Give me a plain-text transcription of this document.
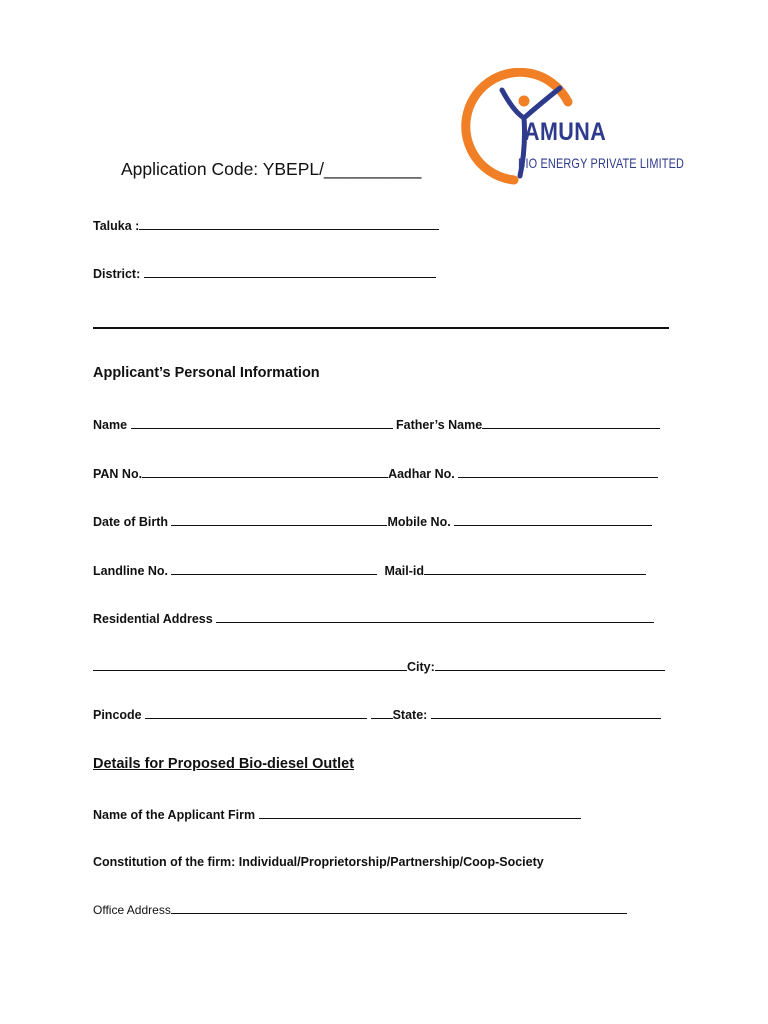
AMUNA
BIO ENERGY PRIVATE LIMITED
Application Code: YBEPL/__________
Taluka :
District:
Applicant’s Personal Information
Name	Father’s Name
PAN No.	Aadhar No.
Date of Birth	Mobile No.
Landline No.	Mail-id
Residential Address
City:
Pincode	State:
Details for Proposed Bio-diesel Outlet
Name of the Applicant Firm
Constitution of the firm: Individual/Proprietorship/Partnership/Coop-Society
Office Address
